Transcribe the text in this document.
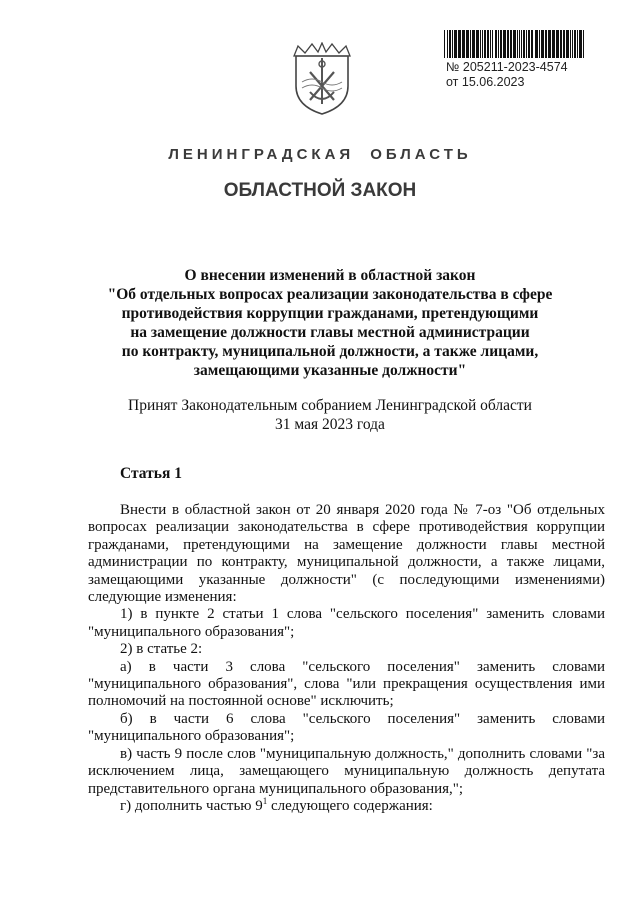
№ 205211-2023-4574
от 15.06.2023
ЛЕНИНГРАДСКАЯ ОБЛАСТЬ
ОБЛАСТНОЙ ЗАКОН
О внесении изменений в областной закон
"Об отдельных вопросах реализации законодательства в сфере
противодействия коррупции гражданами, претендующими
на замещение должности главы местной администрации
по контракту, муниципальной должности, а также лицами,
замещающими указанные должности"
Принят Законодательным собранием Ленинградской области
31 мая 2023 года
Статья 1

Внести в областной закон от 20 января 2020 года № 7-оз "Об отдельных вопросах реализации законодательства в сфере противодействия коррупции гражданами, претендующими на замещение должности главы местной администрации по контракту, муниципальной должности, а также лицами, замещающими указанные должности" (с последующими изменениями) следующие изменения:

1) в пункте 2 статьи 1 слова "сельского поселения" заменить словами "муниципального образования";

2) в статье 2:

а) в части 3 слова "сельского поселения" заменить словами "муниципального образования", слова "или прекращения осуществления ими полномочий на постоянной основе" исключить;

б) в части 6 слова "сельского поселения" заменить словами "муниципального образования";

в) часть 9 после слов "муниципальную должность," дополнить словами "за исключением лица, замещающего муниципальную должность депутата представительного органа муниципального образования,";

г) дополнить частью $9^1$ следующего содержания:
